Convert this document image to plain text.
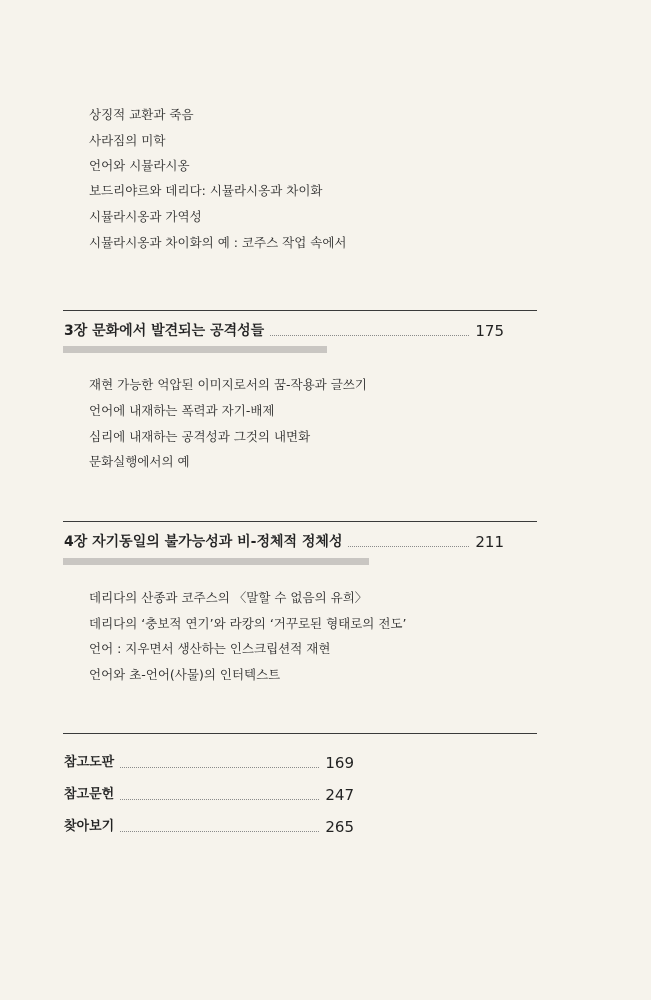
상징적 교환과 죽음
사라짐의 미학
언어와 시뮬라시옹
보드리야르와 데리다: 시뮬라시옹과 차이화
시뮬라시옹과 가역성
시뮬라시옹과 차이화의 예 : 코주스 작업 속에서
3장 문화에서 발견되는 공격성들	175
재현 가능한 억압된 이미지로서의 꿈-작용과 글쓰기
언어에 내재하는 폭력과 자기-배제
심리에 내재하는 공격성과 그것의 내면화
문화실행에서의 예
4장 자기동일의 불가능성과 비-정체적 정체성	211
데리다의 산종과 코주스의 〈말할 수 없음의 유희〉
데리다의 ‘충보적 연기’와 라캉의 ‘거꾸로된 형태로의 전도’
언어 : 지우면서 생산하는 인스크립션적 재현
언어와 초-언어(사물)의 인터텍스트
참고도판	169
참고문헌	247
찾아보기	265
